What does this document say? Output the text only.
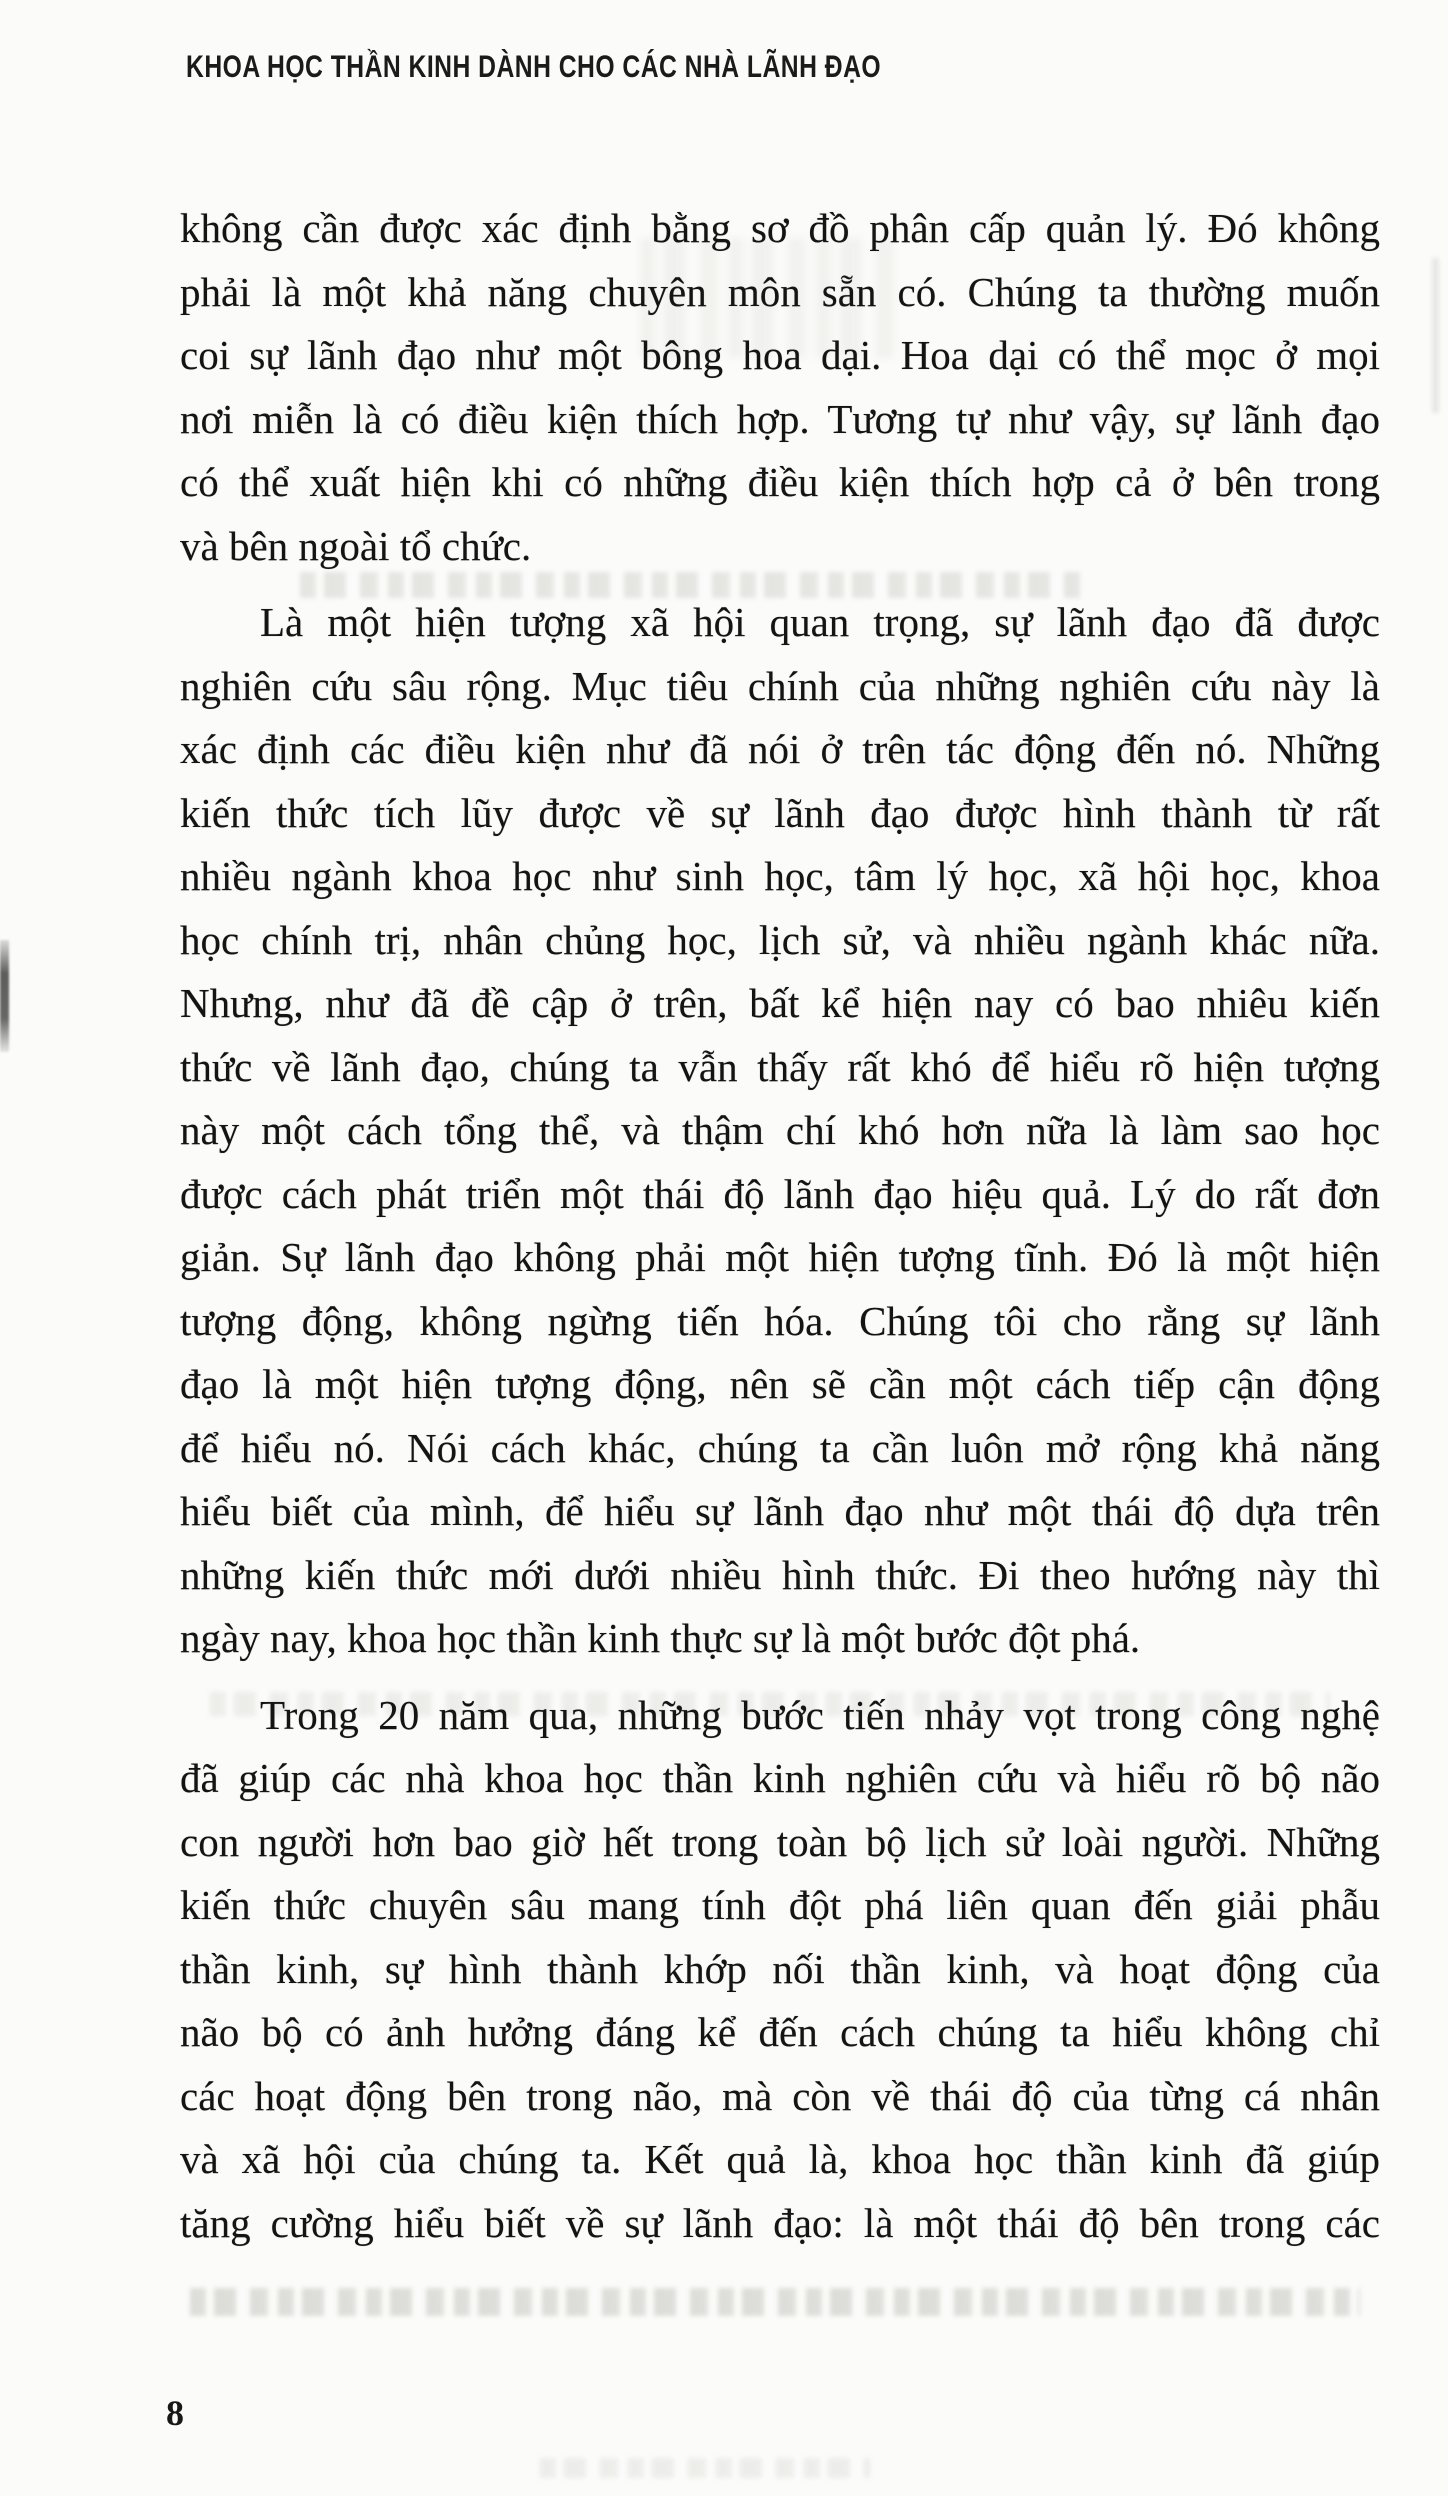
KHOA HỌC THẦN KINH DÀNH CHO CÁC NHÀ LÃNH ĐẠO
không cần được xác định bằng sơ đồ phân cấp quản lý. Đó không
phải là một khả năng chuyên môn sẵn có. Chúng ta thường muốn
coi sự lãnh đạo như một bông hoa dại. Hoa dại có thể mọc ở mọi
nơi miễn là có điều kiện thích hợp. Tương tự như vậy, sự lãnh đạo
có thể xuất hiện khi có những điều kiện thích hợp cả ở bên trong
và bên ngoài tổ chức.
Là một hiện tượng xã hội quan trọng, sự lãnh đạo đã được
nghiên cứu sâu rộng. Mục tiêu chính của những nghiên cứu này là
xác định các điều kiện như đã nói ở trên tác động đến nó. Những
kiến thức tích lũy được về sự lãnh đạo được hình thành từ rất
nhiều ngành khoa học như sinh học, tâm lý học, xã hội học, khoa
học chính trị, nhân chủng học, lịch sử, và nhiều ngành khác nữa.
Nhưng, như đã đề cập ở trên, bất kể hiện nay có bao nhiêu kiến
thức về lãnh đạo, chúng ta vẫn thấy rất khó để hiểu rõ hiện tượng
này một cách tổng thể, và thậm chí khó hơn nữa là làm sao học
được cách phát triển một thái độ lãnh đạo hiệu quả. Lý do rất đơn
giản. Sự lãnh đạo không phải một hiện tượng tĩnh. Đó là một hiện
tượng động, không ngừng tiến hóa. Chúng tôi cho rằng sự lãnh
đạo là một hiện tượng động, nên sẽ cần một cách tiếp cận động
để hiểu nó. Nói cách khác, chúng ta cần luôn mở rộng khả năng
hiểu biết của mình, để hiểu sự lãnh đạo như một thái độ dựa trên
những kiến thức mới dưới nhiều hình thức. Đi theo hướng này thì
ngày nay, khoa học thần kinh thực sự là một bước đột phá.
Trong 20 năm qua, những bước tiến nhảy vọt trong công nghệ
đã giúp các nhà khoa học thần kinh nghiên cứu và hiểu rõ bộ não
con người hơn bao giờ hết trong toàn bộ lịch sử loài người. Những
kiến thức chuyên sâu mang tính đột phá liên quan đến giải phẫu
thần kinh, sự hình thành khớp nối thần kinh, và hoạt động của
não bộ có ảnh hưởng đáng kể đến cách chúng ta hiểu không chỉ
các hoạt động bên trong não, mà còn về thái độ của từng cá nhân
và xã hội của chúng ta. Kết quả là, khoa học thần kinh đã giúp
tăng cường hiểu biết về sự lãnh đạo: là một thái độ bên trong các
8
